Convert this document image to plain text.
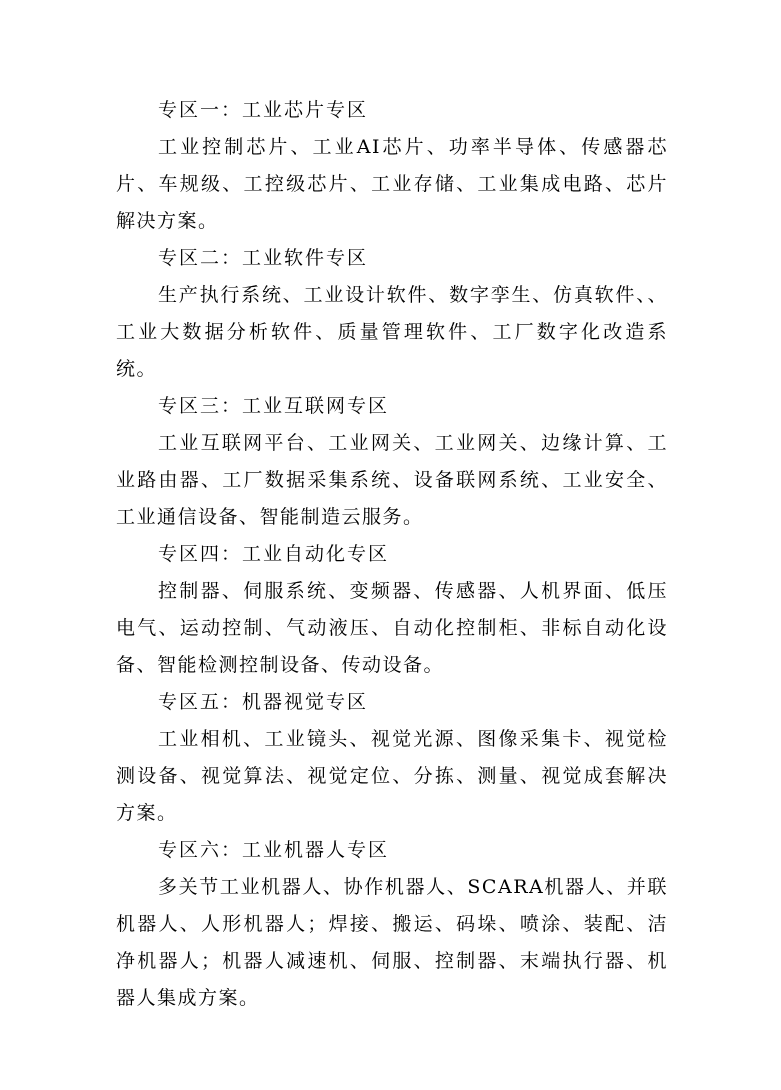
专区一：工业芯片专区

工业控制芯片、工业AI芯片、功率半导体、传感器芯片、车规级、工控级芯片、工业存储、工业集成电路、芯片解决方案。

专区二：工业软件专区

生产执行系统、工业设计软件、数字孪生、仿真软件、、工业大数据分析软件、质量管理软件、工厂数字化改造系统。

专区三：工业互联网专区

工业互联网平台、工业网关、工业网关、边缘计算、工业路由器、工厂数据采集系统、设备联网系统、工业安全、工业通信设备、智能制造云服务。

专区四：工业自动化专区

控制器、伺服系统、变频器、传感器、人机界面、低压电气、运动控制、气动液压、自动化控制柜、非标自动化设备、智能检测控制设备、传动设备。

专区五：机器视觉专区

工业相机、工业镜头、视觉光源、图像采集卡、视觉检测设备、视觉算法、视觉定位、分拣、测量、视觉成套解决方案。

专区六：工业机器人专区

多关节工业机器人、协作机器人、SCARA机器人、并联机器人、人形机器人；焊接、搬运、码垛、喷涂、装配、洁净机器人；机器人减速机、伺服、控制器、末端执行器、机器人集成方案。
